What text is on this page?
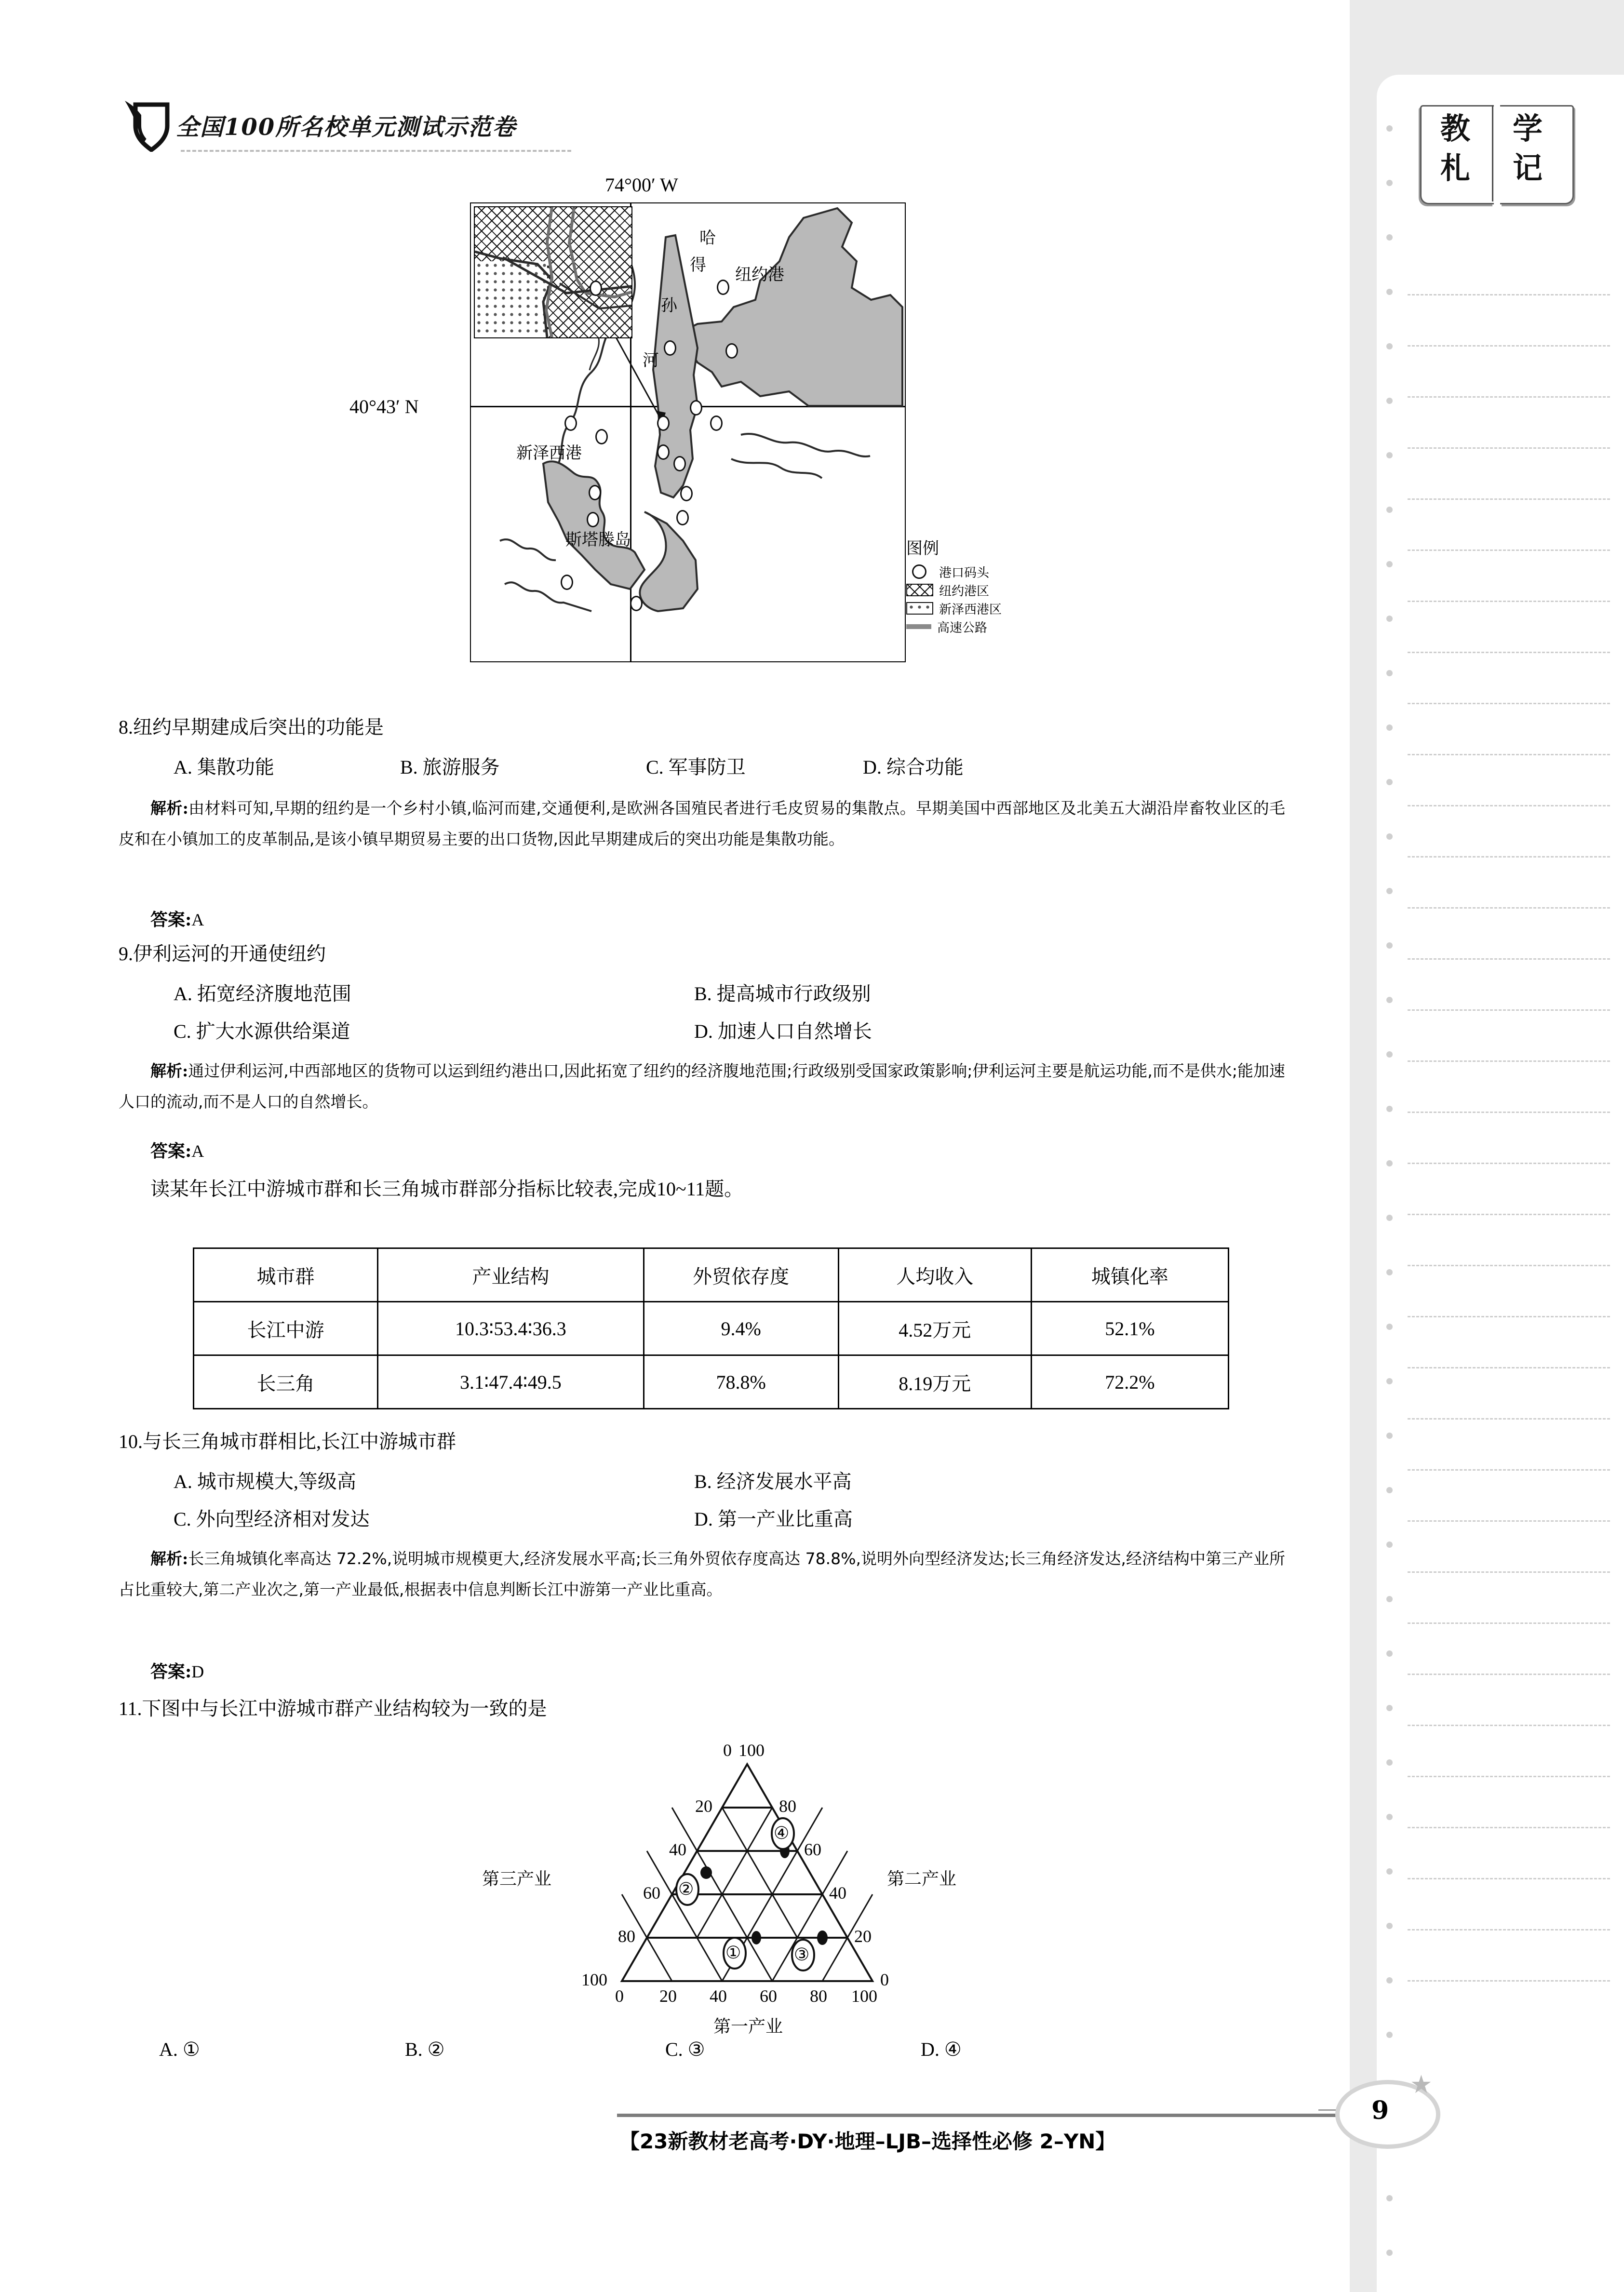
教
札
学
记
全国100所名校单元测试示范卷
74°00′ W
40°43′ N
哈
得
孙
河
纽约港
新泽西港
斯塔滕岛	图例
港口码头
纽约港区
新泽西港区
高速公路
8.纽约早期建成后突出的功能是
A. 集散功能	B. 旅游服务	C. 军事防卫	D. 综合功能
解析:由材料可知,早期的纽约是一个乡村小镇,临河而建,交通便利,是欧洲各国殖民者进行毛皮贸易的集散点。早期美国中西部地区及北美五大湖沿岸畜牧业区的毛皮和在小镇加工的皮革制品,是该小镇早期贸易主要的出口货物,因此早期建成后的突出功能是集散功能。
答案:A
9.伊利运河的开通使纽约
A. 拓宽经济腹地范围	B. 提高城市行政级别
C. 扩大水源供给渠道	D. 加速人口自然增长
解析:通过伊利运河,中西部地区的货物可以运到纽约港出口,因此拓宽了纽约的经济腹地范围;行政级别受国家政策影响;伊利运河主要是航运功能,而不是供水;能加速人口的流动,而不是人口的自然增长。
答案:A
读某年长江中游城市群和长三角城市群部分指标比较表,完成10~11题。
城市群	产业结构	外贸依存度	人均收入	城镇化率
长江中游	10.3∶53.4∶36.3	9.4%	4.52万元	52.1%
长三角	3.1∶47.4∶49.5	78.8%	8.19万元	72.2%
10.与长三角城市群相比,长江中游城市群
A. 城市规模大,等级高	B. 经济发展水平高
C. 外向型经济相对发达	D. 第一产业比重高
解析:长三角城镇化率高达 72.2%,说明城市规模更大,经济发展水平高;长三角外贸依存度高达 78.8%,说明外向型经济发达;长三角经济发达,经济结构中第三产业所占比重较大,第二产业次之,第一产业最低,根据表中信息判断长江中游第一产业比重高。
答案:D
11.下图中与长江中游城市群产业结构较为一致的是
①
②
③
④
0 100
20
40
60
80
100
80
60
40
20
0
0 20 40 60 80 100
第三产业	第二产业
第一产业
A. ①	B. ②	C. ③	D. ④
【23新教材老高考·DY·地理–LJB–选择性必修 2–YN】
★
9
